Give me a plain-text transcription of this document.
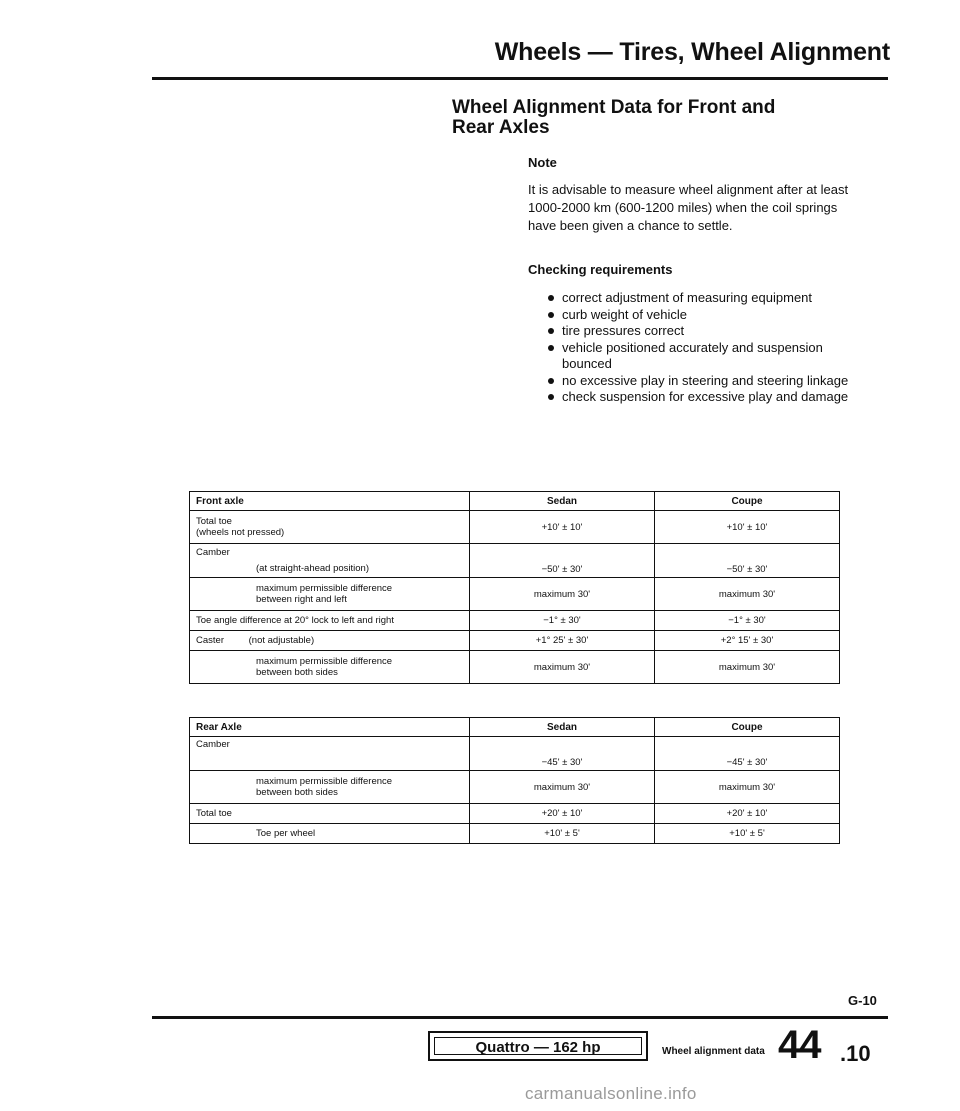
Wheels — Tires, Wheel Alignment
Wheel Alignment Data for Front and
Rear Axles
Note
It is advisable to measure wheel alignment after at least 1000-2000 km (600-1200 miles) when the coil springs have been given a chance to settle.
Checking requirements
correct adjustment of measuring equipment
curb weight of vehicle
tire pressures correct
vehicle positioned accurately and suspension bounced
no excessive play in steering and steering linkage
check suspension for excessive play and damage
Front axle	Sedan	Coupe

Total toe
(wheels not pressed)	+10' ± 10'	+10' ± 10'

Camber
(at straight-ahead position)	−50' ± 30'	−50' ± 30'

maximum permissible difference
between right and left	maximum 30'	maximum 30'
Toe angle difference at 20° lock to left and right	−1° ± 30'	−1° ± 30'
Caster (not adjustable)	+1° 25' ± 30'	+2° 15' ± 30'

maximum permissible difference
between both sides	maximum 30'	maximum 30'
Rear Axle	Sedan	Coupe
Camber	−45' ± 30'	−45' ± 30'

maximum permissible difference
between both sides	maximum 30'	maximum 30'
Total toe	+20' ± 10'	+20' ± 10'
Toe per wheel	+10' ± 5'	+10' ± 5'
G-10
Quattro — 162 hp	Wheel alignment data 44 .10
carmanualsonline.info
